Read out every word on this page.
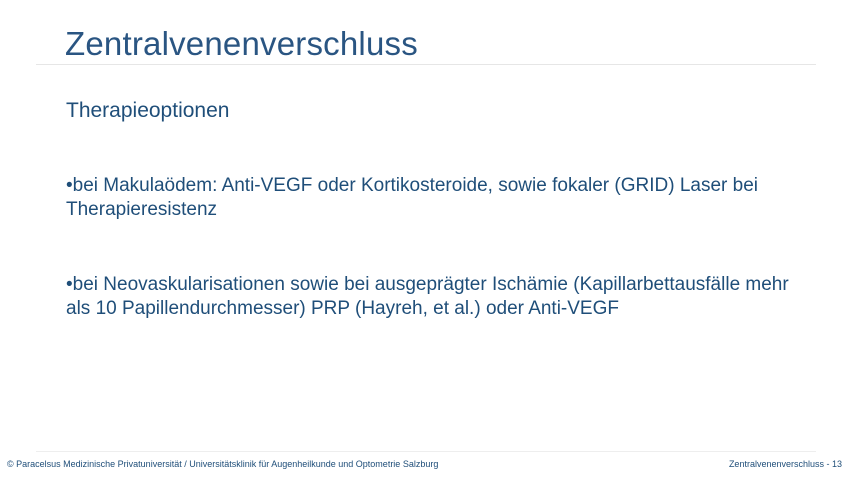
Zentralvenenverschluss
Therapieoptionen
•bei Makulaödem: Anti-VEGF oder Kortikosteroide, sowie fokaler (GRID) Laser bei Therapieresistenz
•bei Neovaskularisationen sowie bei ausgeprägter Ischämie (Kapillarbettausfälle mehr als 10 Papillendurchmesser) PRP (Hayreh, et al.) oder Anti-VEGF
© Paracelsus Medizinische Privatuniversität / Universitätsklinik für Augenheilkunde und Optometrie Salzburg	Zentralvenenverschluss - 13
